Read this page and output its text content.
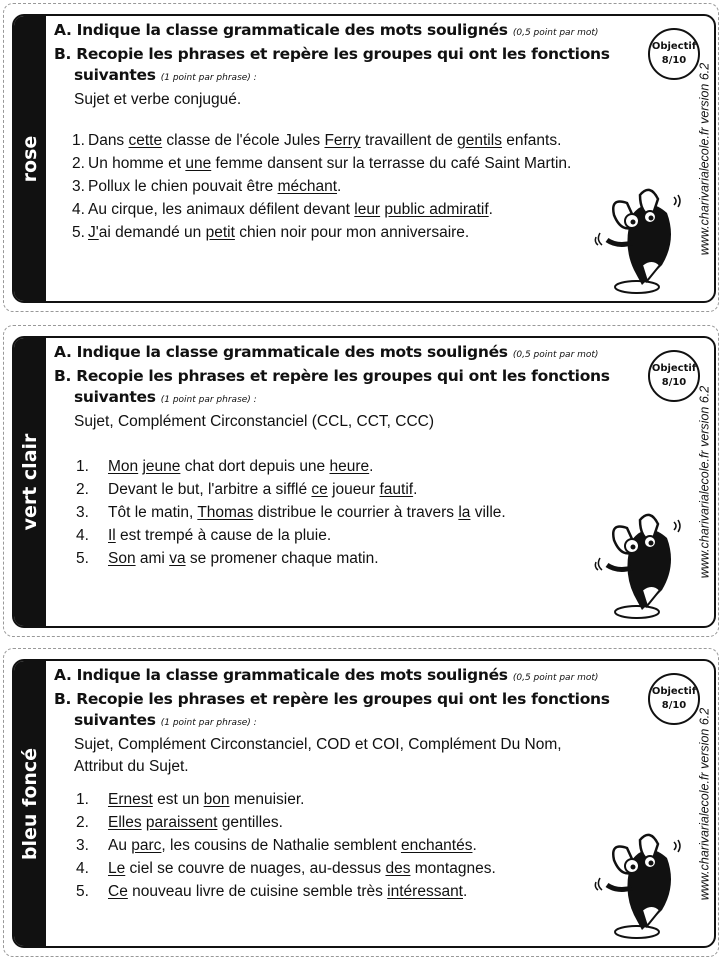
rose
A. Indique la classe grammaticale des mots soulignés (0,5 point par mot)
B. Recopie les phrases et repère les groupes qui ont les fonctions
suivantes (1 point par phrase) :
Sujet et verbe conjugué.
1. Dans cette classe de l'école Jules Ferry travaillent de gentils enfants.
2. Un homme et une femme dansent sur la terrasse du café Saint Martin.
3. Pollux le chien pouvait être méchant.
4. Au cirque, les animaux défilent devant leur public admiratif.
5. J'ai demandé un petit chien noir pour mon anniversaire.
Objectif
8/10
www.charivarialecole.fr version 6.2
vert clair
A. Indique la classe grammaticale des mots soulignés (0,5 point par mot)
B. Recopie les phrases et repère les groupes qui ont les fonctions
suivantes (1 point par phrase) :
Sujet, Complément Circonstanciel (CCL, CCT, CCC)
1. Mon jeune chat dort depuis une heure.
2. Devant le but, l'arbitre a sifflé ce joueur fautif.
3. Tôt le matin, Thomas distribue le courrier à travers la ville.
4. Il est trempé à cause de la pluie.
5. Son ami va se promener chaque matin.
Objectif
8/10
www.charivarialecole.fr version 6.2
bleu foncé
A. Indique la classe grammaticale des mots soulignés (0,5 point par mot)
B. Recopie les phrases et repère les groupes qui ont les fonctions
suivantes (1 point par phrase) :
Sujet, Complément Circonstanciel, COD et COI, Complément Du Nom,
Attribut du Sujet.
1. Ernest est un bon menuisier.
2. Elles paraissent gentilles.
3. Au parc, les cousins de Nathalie semblent enchantés.
4. Le ciel se couvre de nuages, au-dessus des montagnes.
5. Ce nouveau livre de cuisine semble très intéressant.
Objectif
8/10
www.charivarialecole.fr version 6.2
